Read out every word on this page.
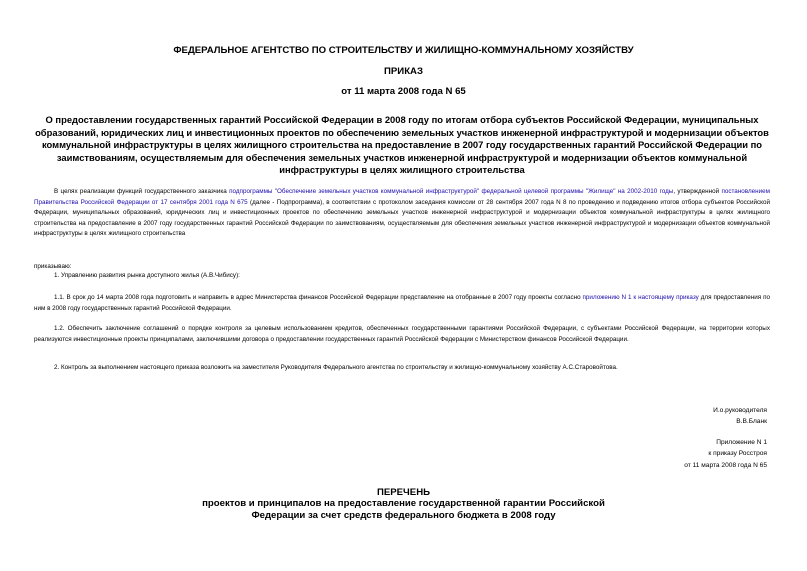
ФЕДЕРАЛЬНОЕ АГЕНТСТВО ПО СТРОИТЕЛЬСТВУ И ЖИЛИЩНО-КОММУНАЛЬНОМУ ХОЗЯЙСТВУ
ПРИКАЗ
от 11 марта 2008 года N 65
О предоставлении государственных гарантий Российской Федерации в 2008 году по итогам отбора субъектов Российской Федерации, муниципальных образований, юридических лиц и инвестиционных проектов по обеспечению земельных участков инженерной инфраструктурой и модернизации объектов коммунальной инфраструктуры в целях жилищного строительства на предоставление в 2007 году государственных гарантий Российской Федерации по заимствованиям, осуществляемым для обеспечения земельных участков инженерной инфраструктурой и модернизации объектов коммунальной инфраструктуры в целях жилищного строительства
В целях реализации функций государственного заказчика подпрограммы "Обеспечение земельных участков коммунальной инфраструктурой" федеральной целевой программы "Жилище" на 2002-2010 годы, утвержденной постановлением Правительства Российской Федерации от 17 сентября 2001 года N 675 (далее - Подпрограмма), в соответствии с протоколом заседания комиссии от 28 сентября 2007 года N 8 по проведению и подведению итогов отбора субъектов Российской Федерации, муниципальных образований, юридических лиц и инвестиционных проектов по обеспечению земельных участков инженерной инфраструктурой и модернизации объектов коммунальной инфраструктуры в целях жилищного строительства на предоставление в 2007 году государственных гарантий Российской Федерации по заимствованиям, осуществляемым для обеспечения земельных участков инженерной инфраструктурой и модернизации объектов коммунальной инфраструктуры в целях жилищного строительства
приказываю:
1. Управлению развития рынка доступного жилья (А.В.Чибису):
1.1. В срок до 14 марта 2008 года подготовить и направить в адрес Министерства финансов Российской Федерации представление на отобранные в 2007 году проекты согласно приложению N 1 к настоящему приказу для предоставления по ним в 2008 году государственных гарантий Российской Федерации.
1.2. Обеспечить заключение соглашений о порядке контроля за целевым использованием кредитов, обеспеченных государственными гарантиями Российской Федерации, с субъектами Российской Федерации, на территории которых реализуются инвестиционные проекты принципалами, заключившими договора о предоставлении государственных гарантий Российской Федерации с Министерством финансов Российской Федерации.
2. Контроль за выполнением настоящего приказа возложить на заместителя Руководителя Федерального агентства по строительству и жилищно-коммунальному хозяйству А.С.Старовойтова.
И.о.руководителя
В.В.Бланк
Приложение N 1
к приказу Росстроя
от 11 марта 2008 года N 65
ПЕРЕЧЕНЬ
проектов и принципалов на предоставление государственной гарантии Российской
Федерации за счет средств федерального бюджета в 2008 году
